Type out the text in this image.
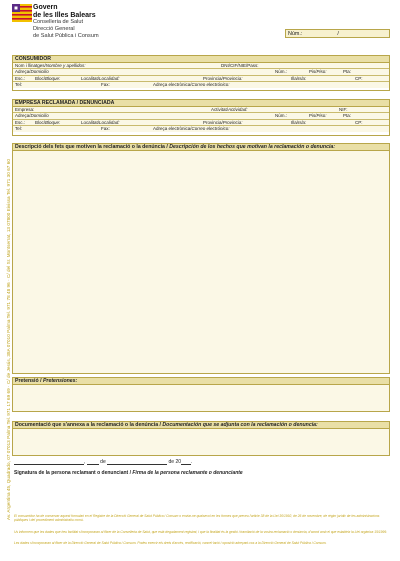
Govern
de les Illes Balears
Conselleria de Salut
Direcció General
de Salut Pública i Consum	Núm.:	/
Av. Argentina 45, Quadrado, 07 07013 Palma Tel. 971 17 69 69 · C/ de Jesús, 38A 07010 Palma Tel. 971 78 48 96 · C/ del Sr. Montserrat, 13 07800 Eivissa Tel. 971 30 67 60
CONSUMIDOR
Nom i llinatges/Nombre y apellidos:	DNI/CIF/NIE/Pass:
Adreça/Domicilio	Núm.:	Pis/Piso:	Pta:
Esc.: Bloc/Bloque:	Localitat/Localidad:	Provincia/Provincia:	Illa/Isla:	CP:
Tel:	Fax:	Adreça electrònica/Correo electrónico:
EMPRESA RECLAMADA / DENUNCIADA
Empresa:	Activitat/Actividad:	NIF:
Adreça/Domicilio	Núm.:	Pis/Piso:	Pta:
Esc.: Bloc/Bloque:	Localitat/Localidad:	Provincia/Provincia:	Illa/Isla:	CP:
Tel:	Fax:	Adreça electrònica/Correo electrónico:
Descripció dels fets que motiven la reclamació o la denúncia / Descripción de los hechos que motivan la reclamación o denuncia:
Pretensió / Pretensiones:
Documentació que s'annexa a la reclamació o la denúncia / Documentación que se adjunta con la reclamación o denuncia:
,	de	de 20 .
Signatura de la persona reclamant o denunciant / Firma de la persona reclamante o denunciante
El consumidor ha de conservar aquest formulari en el Registre de la Direcció General de Salut Pública i Consum o enviar-ne qualsevol en les formes que preveu l'article 38 de la Llei 30/1992, de 26 de novembre, de règim jurídic de les administracions públiques i del procediment administratiu comú.
Us informem que les dades que heu facilitat s'incorporaran al fitxer de la Conselleria de Salut, que està degudament registrat, i que la finalitat és la gestió i tramitació de la vostra reclamació o denúncia, d'acord amb el que estableix la Llei orgànica 15/1999.
Les dades s'incorporaran al fitxer de la Direcció General de Salut Pública i Consum. Podeu exercir els drets d'accés, rectificació, cancel·lació i oposició adreçant-vos a la Direcció General de Salut Pública i Consum.
